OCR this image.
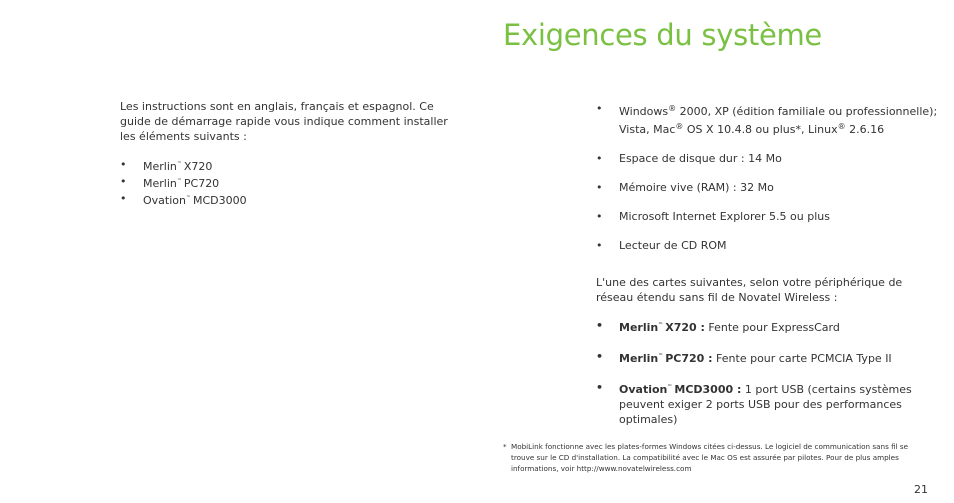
Exigences du système

Les instructions sont en anglais, français et espagnol. Ce guide de démarrage rapide vous indique comment installer les éléments suivants :

• Merlin™ X720
• Merlin™ PC720
• Ovation™ MCD3000
• Windows® 2000, XP (édition familiale ou professionnelle); Vista, Mac® OS X 10.4.8 ou plus*, Linux® 2.6.16
• Espace de disque dur : 14 Mo
• Mémoire vive (RAM) : 32 Mo
• Microsoft Internet Explorer 5.5 ou plus
• Lecteur de CD ROM

L'une des cartes suivantes, selon votre périphérique de réseau étendu sans fil de Novatel Wireless :

• Merlin™ X720 : Fente pour ExpressCard
• Merlin™ PC720 : Fente pour carte PCMCIA Type II
• Ovation™ MCD3000 : 1 port USB (certains systèmes peuvent exiger 2 ports USB pour des performances optimales)

* MobiLink fonctionne avec les plates-formes Windows citées ci-dessus. Le logiciel de communication sans fil se trouve sur le CD d'installation. La compatibilité avec le Mac OS est assurée par pilotes. Pour de plus amples informations, voir http://www.novatelwireless.com

21
